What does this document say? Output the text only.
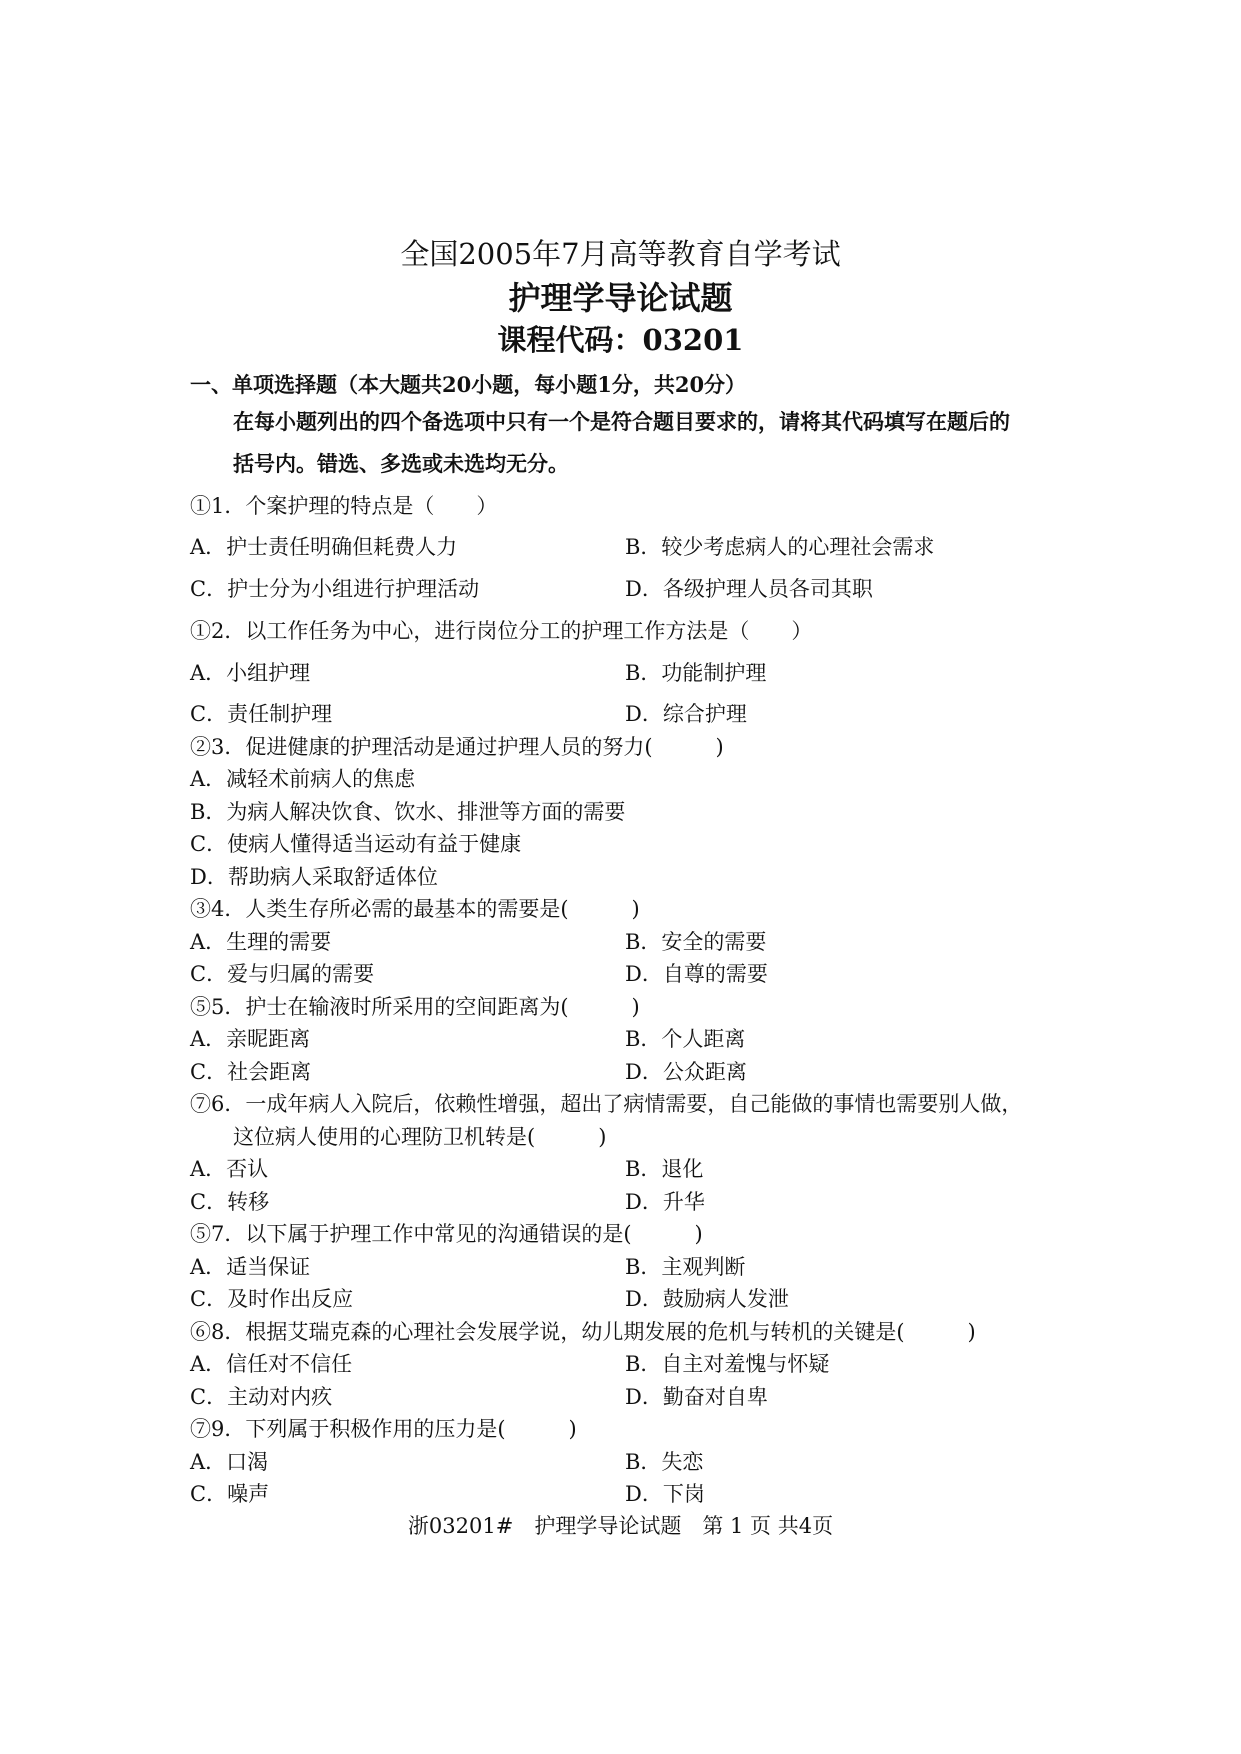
全国2005年7月高等教育自学考试
护理学导论试题
课程代码：03201
一、单项选择题（本大题共20小题，每小题1分，共20分）
在每小题列出的四个备选项中只有一个是符合题目要求的，请将其代码填写在题后的
括号内。错选、多选或未选均无分。
①1．个案护理的特点是（　　）
A．护士责任明确但耗费人力	B．较少考虑病人的心理社会需求
C．护士分为小组进行护理活动	D．各级护理人员各司其职
①2．以工作任务为中心，进行岗位分工的护理工作方法是（　　）
A．小组护理	B．功能制护理
C．责任制护理	D．综合护理
②3．促进健康的护理活动是通过护理人员的努力(　　　)
A．减轻术前病人的焦虑
B．为病人解决饮食、饮水、排泄等方面的需要
C．使病人懂得适当运动有益于健康
D．帮助病人采取舒适体位
③4．人类生存所必需的最基本的需要是(　　　)
A．生理的需要	B．安全的需要
C．爱与归属的需要	D．自尊的需要
⑤5．护士在输液时所采用的空间距离为(　　　)
A．亲昵距离	B．个人距离
C．社会距离	D．公众距离
⑦6．一成年病人入院后，依赖性增强，超出了病情需要，自己能做的事情也需要别人做，
这位病人使用的心理防卫机转是(　　　)
A．否认	B．退化
C．转移	D．升华
⑤7．以下属于护理工作中常见的沟通错误的是(　　　)
A．适当保证	B．主观判断
C．及时作出反应	D．鼓励病人发泄
⑥8．根据艾瑞克森的心理社会发展学说，幼儿期发展的危机与转机的关键是(　　　)
A．信任对不信任	B．自主对羞愧与怀疑
C．主动对内疚	D．勤奋对自卑
⑦9．下列属于积极作用的压力是(　　　)
A．口渴	B．失恋
C．噪声	D．下岗
浙03201#　护理学导论试题　第 1 页 共4页
